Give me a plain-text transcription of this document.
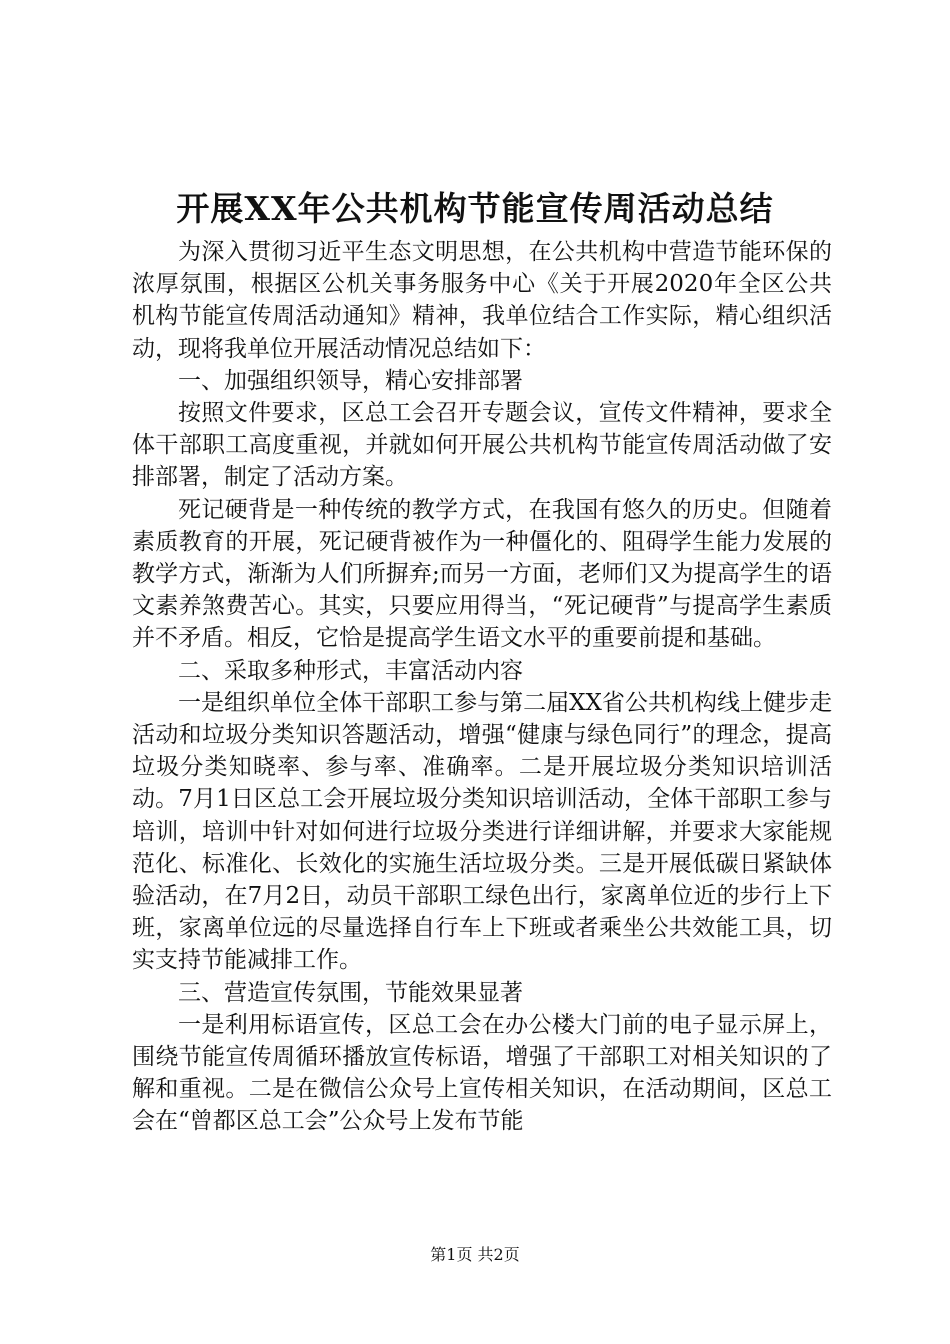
开展XX年公共机构节能宣传周活动总结

为深入贯彻习近平生态文明思想，在公共机构中营造节能环保的浓厚氛围，根据区公机关事务服务中心《关于开展2020年全区公共机构节能宣传周活动通知》精神，我单位结合工作实际，精心组织活动，现将我单位开展活动情况总结如下：

一、加强组织领导，精心安排部署

按照文件要求，区总工会召开专题会议，宣传文件精神，要求全体干部职工高度重视，并就如何开展公共机构节能宣传周活动做了安排部署，制定了活动方案。

死记硬背是一种传统的教学方式，在我国有悠久的历史。但随着素质教育的开展，死记硬背被作为一种僵化的、阻碍学生能力发展的教学方式，渐渐为人们所摒弃;而另一方面，老师们又为提高学生的语文素养煞费苦心。其实，只要应用得当，“死记硬背”与提高学生素质并不矛盾。相反，它恰是提高学生语文水平的重要前提和基础。

二、采取多种形式，丰富活动内容

一是组织单位全体干部职工参与第二届XX省公共机构线上健步走活动和垃圾分类知识答题活动，增强“健康与绿色同行”的理念，提高垃圾分类知晓率、参与率、准确率。二是开展垃圾分类知识培训活动。7月1日区总工会开展垃圾分类知识培训活动，全体干部职工参与培训，培训中针对如何进行垃圾分类进行详细讲解，并要求大家能规范化、标准化、长效化的实施生活垃圾分类。三是开展低碳日紧缺体验活动，在7月2日，动员干部职工绿色出行，家离单位近的步行上下班，家离单位远的尽量选择自行车上下班或者乘坐公共效能工具，切实支持节能减排工作。

三、营造宣传氛围，节能效果显著

一是利用标语宣传，区总工会在办公楼大门前的电子显示屏上，围绕节能宣传周循环播放宣传标语，增强了干部职工对相关知识的了解和重视。二是在微信公众号上宣传相关知识，在活动期间，区总工会在“曾都区总工会”公众号上发布节能

第1页 共2页
